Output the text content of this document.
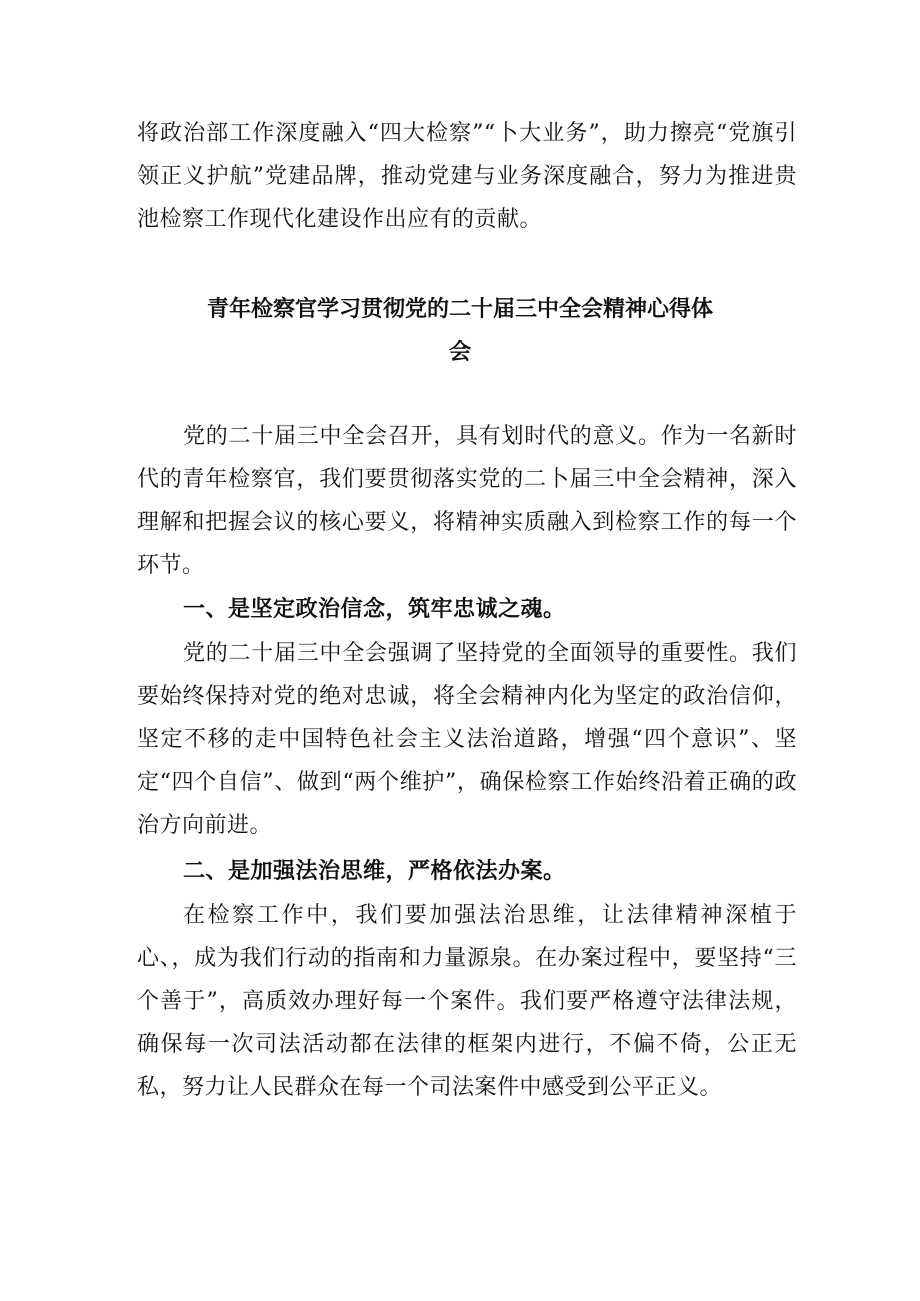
将政治部工作深度融入“四大检察”“卜大业务”，助力擦亮“党旗引领正义护航”党建品牌，推动党建与业务深度融合，努力为推进贵池检察工作现代化建设作出应有的贡献。

青年检察官学习贯彻党的二十届三中全会精神心得体
会

党的二十届三中全会召开，具有划时代的意义。作为一名新时代的青年检察官，我们要贯彻落实党的二卜届三中全会精神，深入理解和把握会议的核心要义，将精神实质融入到检察工作的每一个环节。

一、是坚定政治信念，筑牢忠诚之魂。

党的二十届三中全会强调了坚持党的全面领导的重要性。我们要始终保持对党的绝对忠诚，将全会精神内化为坚定的政治信仰，坚定不移的走中国特色社会主义法治道路，增强“四个意识”、坚定“四个自信”、做到“两个维护”，确保检察工作始终沿着正确的政治方向前进。

二、是加强法治思维，严格依法办案。

在检察工作中，我们要加强法治思维，让法律精神深植于心、，成为我们行动的指南和力量源泉。在办案过程中，要坚持“三个善于”，高质效办理好每一个案件。我们要严格遵守法律法规，确保每一次司法活动都在法律的框架内进行，不偏不倚，公正无私，努力让人民群众在每一个司法案件中感受到公平正义。
